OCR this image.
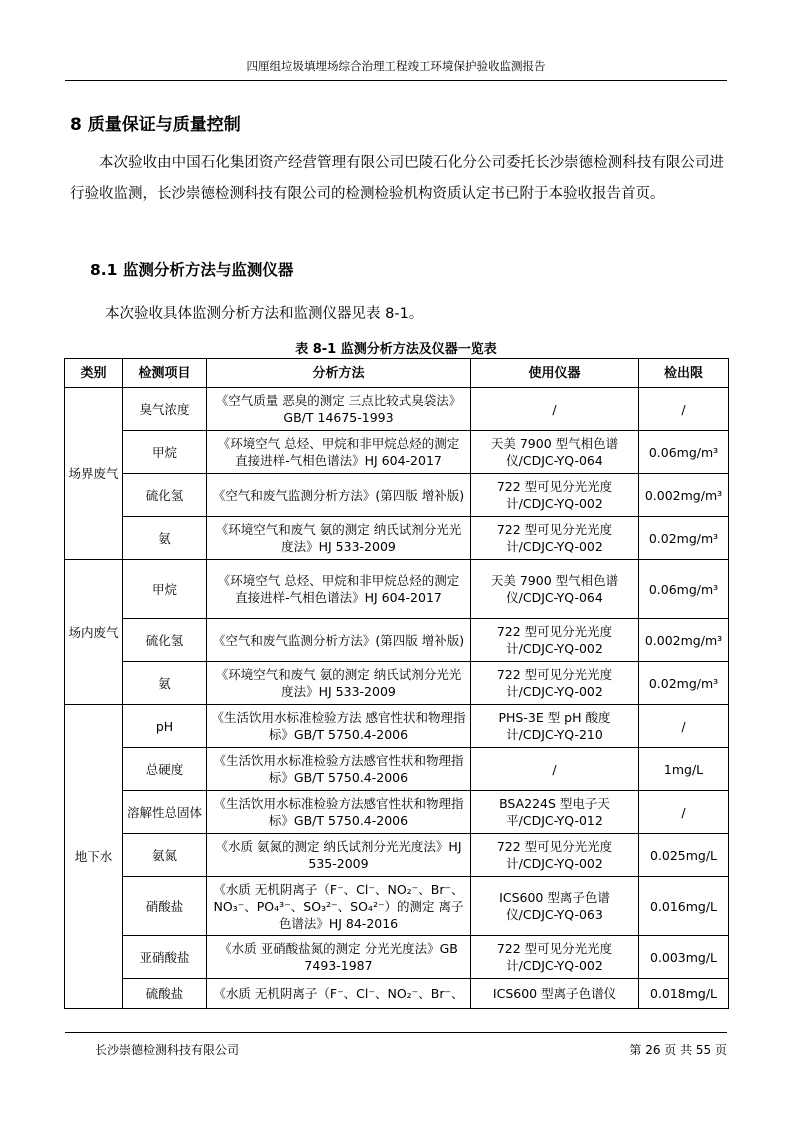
四厘组垃圾填埋场综合治理工程竣工环境保护验收监测报告
8 质量保证与质量控制
本次验收由中国石化集团资产经营管理有限公司巴陵石化分公司委托长沙崇德检测科技有限公司进行验收监测，长沙崇德检测科技有限公司的检测检验机构资质认定书已附于本验收报告首页。
8.1 监测分析方法与监测仪器
本次验收具体监测分析方法和监测仪器见表 8-1。
表 8-1 监测分析方法及仪器一览表
类别	检测项目	分析方法	使用仪器	检出限
场界废气	臭气浓度	《空气质量 恶臭的测定 三点比较式臭袋法》GB/T 14675-1993	/	/
	甲烷	《环境空气 总烃、甲烷和非甲烷总烃的测定 直接进样-气相色谱法》HJ 604-2017	天美 7900 型气相色谱仪/CDJC-YQ-064	0.06mg/m³
	硫化氢	《空气和废气监测分析方法》(第四版 增补版)	722 型可见分光光度计/CDJC-YQ-002	0.002mg/m³
	氨	《环境空气和废气 氨的测定 纳氏试剂分光光度法》HJ 533-2009	722 型可见分光光度计/CDJC-YQ-002	0.02mg/m³
场内废气	甲烷	《环境空气 总烃、甲烷和非甲烷总烃的测定 直接进样-气相色谱法》HJ 604-2017	天美 7900 型气相色谱仪/CDJC-YQ-064	0.06mg/m³
	硫化氢	《空气和废气监测分析方法》(第四版 增补版)	722 型可见分光光度计/CDJC-YQ-002	0.002mg/m³
	氨	《环境空气和废气 氨的测定 纳氏试剂分光光度法》HJ 533-2009	722 型可见分光光度计/CDJC-YQ-002	0.02mg/m³
地下水	pH	《生活饮用水标准检验方法 感官性状和物理指标》GB/T 5750.4-2006	PHS-3E 型 pH 酸度计/CDJC-YQ-210	/
	总硬度	《生活饮用水标准检验方法感官性状和物理指标》GB/T 5750.4-2006	/	1mg/L
	溶解性总固体	《生活饮用水标准检验方法感官性状和物理指标》GB/T 5750.4-2006	BSA224S 型电子天平/CDJC-YQ-012	/
	氨氮	《水质 氨氮的测定 纳氏试剂分光光度法》HJ 535-2009	722 型可见分光光度计/CDJC-YQ-002	0.025mg/L
	硝酸盐	《水质 无机阴离子（F⁻、Cl⁻、NO₂⁻、Br⁻、NO₃⁻、PO₄³⁻、SO₃²⁻、SO₄²⁻）的测定 离子色谱法》HJ 84-2016	ICS600 型离子色谱仪/CDJC-YQ-063	0.016mg/L
	亚硝酸盐	《水质 亚硝酸盐氮的测定 分光光度法》GB 7493-1987	722 型可见分光光度计/CDJC-YQ-002	0.003mg/L
	硫酸盐	《水质 无机阴离子（F⁻、Cl⁻、NO₂⁻、Br⁻、	ICS600 型离子色谱仪	0.018mg/L
长沙崇德检测科技有限公司	第 26 页 共 55 页
